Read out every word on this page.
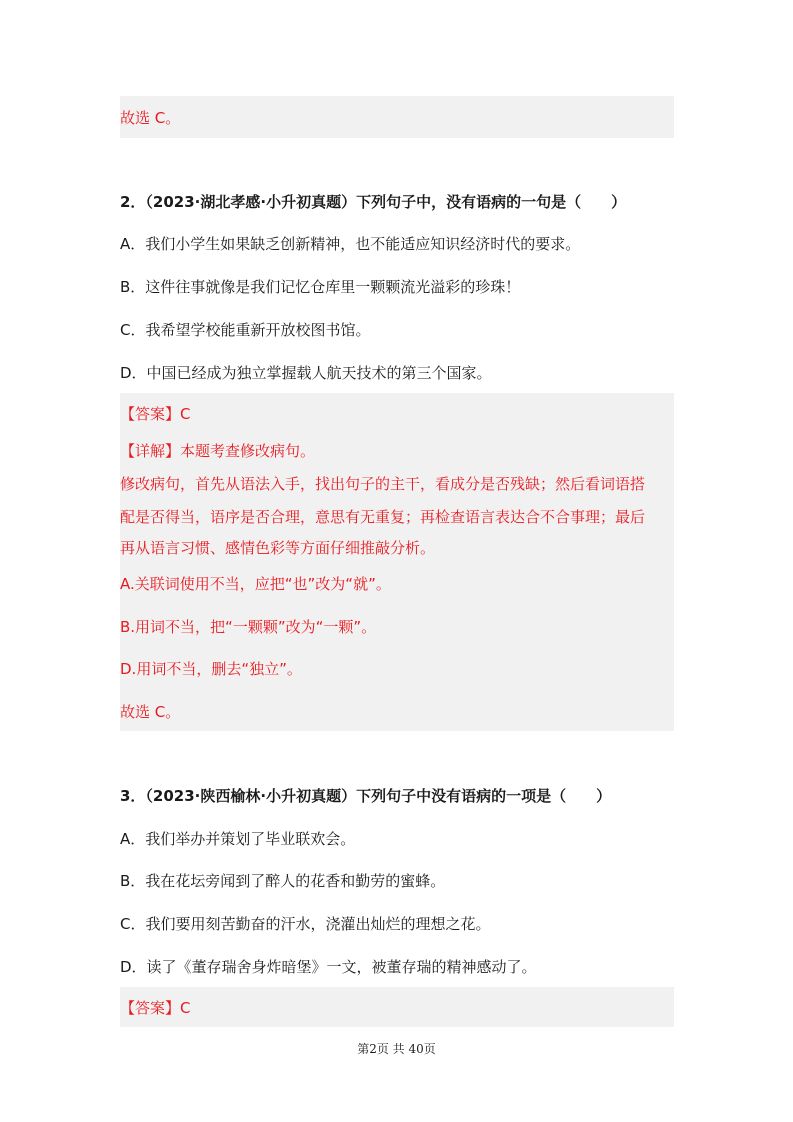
故选 C。
2．（2023·湖北孝感·小升初真题）下列句子中，没有语病的一句是（　　）
A．我们小学生如果缺乏创新精神，也不能适应知识经济时代的要求。
B．这件往事就像是我们记忆仓库里一颗颗流光溢彩的珍珠！
C．我希望学校能重新开放校图书馆。
D．中国已经成为独立掌握载人航天技术的第三个国家。
【答案】C
【详解】本题考查修改病句。
修改病句，首先从语法入手，找出句子的主干，看成分是否残缺；然后看词语搭
配是否得当，语序是否合理，意思有无重复；再检查语言表达合不合事理；最后
再从语言习惯、感情色彩等方面仔细推敲分析。
A.关联词使用不当，应把“也”改为“就”。
B.用词不当，把“一颗颗”改为“一颗”。
D.用词不当，删去“独立”。
故选 C。
3．（2023·陕西榆林·小升初真题）下列句子中没有语病的一项是（　　）
A．我们举办并策划了毕业联欢会。
B．我在花坛旁闻到了醉人的花香和勤劳的蜜蜂。
C．我们要用刻苦勤奋的汗水，浇灌出灿烂的理想之花。
D．读了《董存瑞舍身炸暗堡》一文，被董存瑞的精神感动了。
【答案】C
第2页 共 40页
